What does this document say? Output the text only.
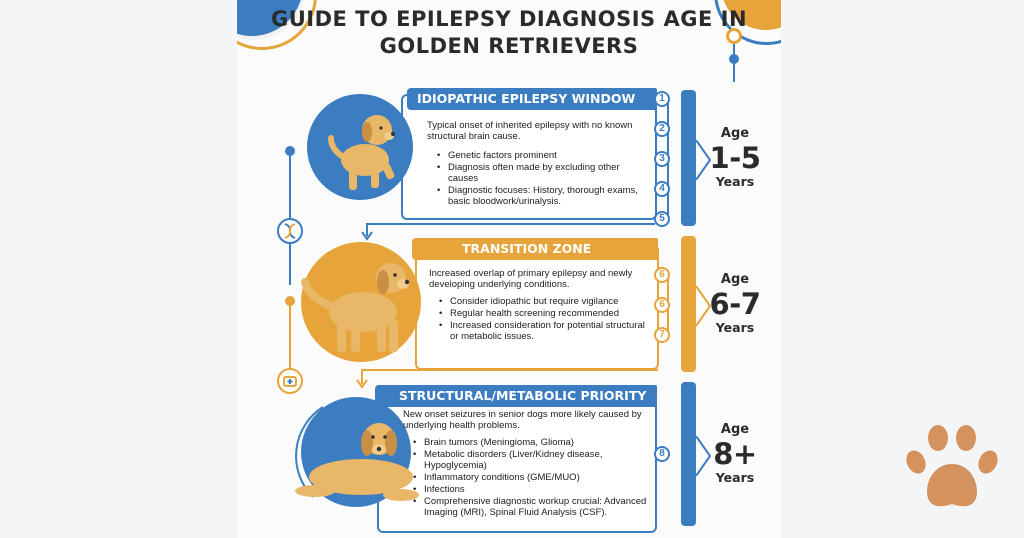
GUIDE TO EPILEPSY DIAGNOSIS AGE IN GOLDEN RETRIEVERS
IDIOPATHIC EPILEPSY WINDOW
Typical onset of inherited epilepsy with no known structural brain cause.
• Genetic factors prominent
• Diagnosis often made by excluding other causes
• Diagnostic focuses: History, thorough exams, basic bloodwork/urinalysis.
1
2
3
4
5
Age
1-5
Years
TRANSITION ZONE
Increased overlap of primary epilepsy and newly developing underlying conditions.
• Consider idiopathic but require vigilance
• Regular health screening recommended
• Increased consideration for potential structural or metabolic issues.
6
6
7
Age
6-7
Years
STRUCTURAL/METABOLIC PRIORITY
New onset seizures in senior dogs more likely caused by underlying health problems.
• Brain tumors (Meningioma, Glioma)
• Metabolic disorders (Liver/Kidney disease, Hypoglycemia)
• Inflammatory conditions (GME/MUO)
• Infections
• Comprehensive diagnostic workup crucial: Advanced Imaging (MRI), Spinal Fluid Analysis (CSF).
8
Age
8+
Years
